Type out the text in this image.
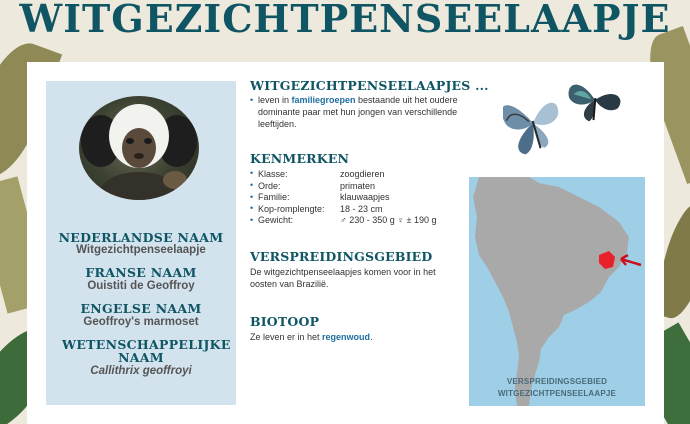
WITGEZICHTPENSEELAAPJE
NEDERLANDSE NAAM
Witgezichtpenseelaapje
FRANSE NAAM
Ouistiti de Geoffroy
ENGELSE NAAM
Geoffroy's marmoset
WETENSCHAPPELIJKE NAAM
Callithrix geoffroyi
WITGEZICHTPENSEELAAPJES ...
• leven in familiegroepen bestaande uit het oudere dominante paar met hun jongen van verschillende leeftijden.
KENMERKEN
• Klasse:	zoogdieren
• Orde:	primaten
• Familie:	klauwaapjes
• Kop-romplengte: 18 - 23 cm
• Gewicht:	♂ 230 - 350 g ♀ ± 190 g
VERSPREIDINGSGEBIED
De witgezichtpenseelaapjes komen voor in het oosten van Brazilië.
BIOTOOP
Ze leven er in het regenwoud.
VERSPREIDINGSGEBIED
WITGEZICHTPENSEELAAPJE
